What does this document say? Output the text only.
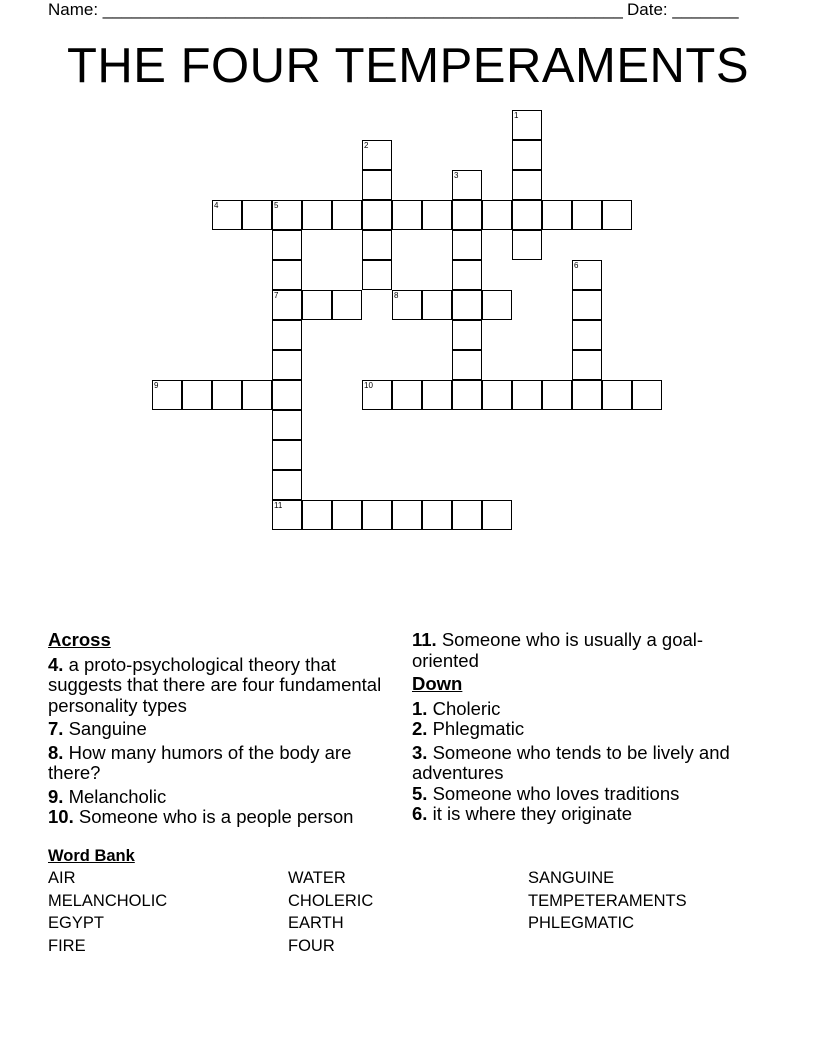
Name: _______________________________________________________ Date: _______
THE FOUR TEMPERAMENTS
1
2
3
4	5
7
11
6
8
9	10
Across
4. a proto-psychological theory that suggests that there are four fundamental personality types
7. Sanguine
8. How many humors of the body are there?
9. Melancholic
10. Someone who is a people person
11. Someone who is usually a goal-oriented
Down
1. Choleric
2. Phlegmatic
3. Someone who tends to be lively and adventures
5. Someone who loves traditions
6. it is where they originate
Word Bank
AIR	WATER	SANGUINE
MELANCHOLIC	CHOLERIC	TEMPETERAMENTS
EGYPT	EARTH	PHLEGMATIC
FIRE	FOUR
